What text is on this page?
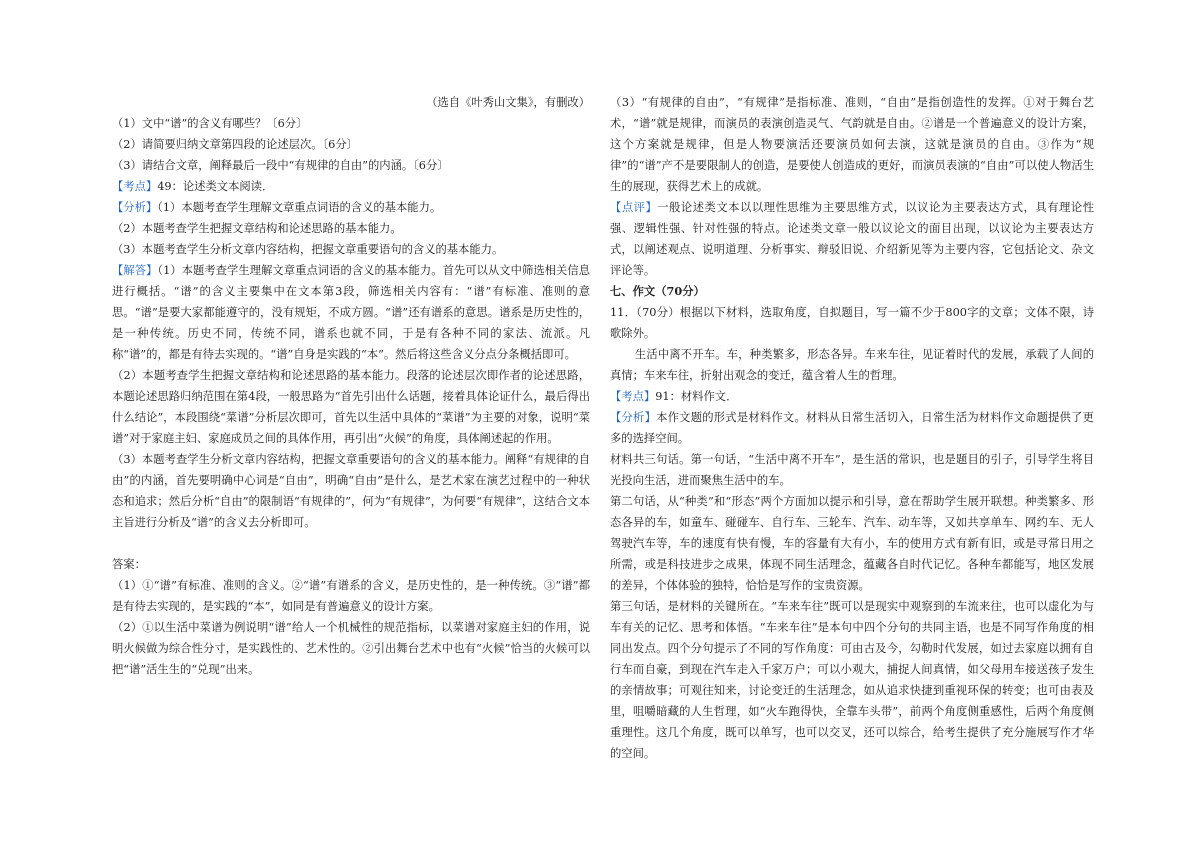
（选自《叶秀山文集》，有删改）

（1）文中“谱”的含义有哪些？〔6分〕

（2）请简要归纳文章第四段的论述层次。〔6分〕

（3）请结合文章，阐释最后一段中“有规律的自由”的内涵。〔6分〕

【考点】49：论述类文本阅读．

【分析】（1）本题考查学生理解文章重点词语的含义的基本能力。

（2）本题考查学生把握文章结构和论述思路的基本能力。

（3）本题考查学生分析文章内容结构，把握文章重要语句的含义的基本能力。

【解答】（1）本题考查学生理解文章重点词语的含义的基本能力。首先可以从文中筛选相关信息进行概括。“谱”的含义主要集中在文本第3段，筛选相关内容有：“谱”有标准、准则的意思。“谱”是要大家都能遵守的，没有规矩，不成方圆。“谱”还有谱系的意思。谱系是历史性的，是一种传统。历史不同，传统不同，谱系也就不同，于是有各种不同的家法、流派。凡称“谱”的，都是有待去实现的。“谱”自身是实践的“本”。然后将这些含义分点分条概括即可。

（2）本题考查学生把握文章结构和论述思路的基本能力。段落的论述层次即作者的论述思路，本题论述思路归纳范围在第4段，一般思路为“首先引出什么话题，接着具体论证什么，最后得出什么结论”，本段围绕“菜谱”分析层次即可，首先以生活中具体的“菜谱”为主要的对象，说明“菜谱”对于家庭主妇、家庭成员之间的具体作用，再引出“火候”的角度，具体阐述起的作用。

（3）本题考查学生分析文章内容结构，把握文章重要语句的含义的基本能力。阐释“有规律的自由”的内涵，首先要明确中心词是“自由”，明确“自由”是什么，是艺术家在演艺过程中的一种状态和追求；然后分析“自由”的限制语“有规律的”，何为“有规律”，为何要“有规律”，这结合文本主旨进行分析及“谱”的含义去分析即可。

答案：

（1）①“谱”有标准、准则的含义。②“谱”有谱系的含义，是历史性的，是一种传统。③“谱”都是有待去实现的，是实践的“本”，如同是有普遍意义的设计方案。

（2）①以生活中菜谱为例说明“谱”给人一个机械性的规范指标，以菜谱对家庭主妇的作用，说明火候做为综合性分寸，是实践性的、艺术性的。②引出舞台艺术中也有“火候”恰当的火候可以把“谱”活生生的“兑现”出来。

（3）“有规律的自由”，“有规律”是指标准、准则，“自由”是指创造性的发挥。①对于舞台艺术，“谱”就是规律，而演员的表演创造灵气、气韵就是自由。②谱是一个普遍意义的设计方案，这个方案就是规律，但是人物要演活还要演员如何去演，这就是演员的自由。③作为“规律”的“谱”产不是要限制人的创造，是要使人创造成的更好，而演员表演的“自由”可以使人物活生生的展现，获得艺术上的成就。

【点评】一般论述类文本以以理性思维为主要思维方式，以议论为主要表达方式，具有理论性强、逻辑性强、针对性强的特点。论述类文章一般以议论文的面目出现，以议论为主要表达方式，以阐述观点、说明道理、分析事实、辩驳旧说、介绍新见等为主要内容，它包括论文、杂文评论等。

七、作文（70分）

11．（70分）根据以下材料，选取角度，自拟题目，写一篇不少于800字的文章；文体不限，诗歌除外。

生活中离不开车。车，种类繁多，形态各异。车来车往，见证着时代的发展，承载了人间的真情；车来车往，折射出观念的变迁，蕴含着人生的哲理。

【考点】91：材料作文．

【分析】本作文题的形式是材料作文。材料从日常生活切入，日常生活为材料作文命题提供了更多的选择空间。

材料共三句话。第一句话，“生活中离不开车”，是生活的常识，也是题目的引子，引导学生将目光投向生活，进而聚焦生活中的车。

第二句话，从“种类”和“形态”两个方面加以提示和引导，意在帮助学生展开联想。种类繁多、形态各异的车，如童车、碰碰车、自行车、三轮车、汽车、动车等，又如共享单车、网约车、无人驾驶汽车等，车的速度有快有慢，车的容量有大有小，车的使用方式有新有旧，或是寻常日用之所需，或是科技进步之成果，体现不同生活理念，蕴藏各自时代记忆。各种车都能写，地区发展的差异，个体体验的独特，恰恰是写作的宝贵资源。

第三句话，是材料的关键所在。“车来车往”既可以是现实中观察到的车流来往，也可以虚化为与车有关的记忆、思考和体悟。“车来车往”是本句中四个分句的共同主语，也是不同写作角度的相同出发点。四个分句提示了不同的写作角度：可由古及今，勾勒时代发展，如过去家庭以拥有自行车而自豪，到现在汽车走入千家万户；可以小观大，捕捉人间真情，如父母用车接送孩子发生的亲情故事；可观往知来，讨论变迁的生活理念，如从追求快捷到重视环保的转变；也可由表及里，咀嚼暗藏的人生哲理，如“火车跑得快，全靠车头带”，前两个角度侧重感性，后两个角度侧重理性。这几个角度，既可以单写，也可以交叉，还可以综合，给考生提供了充分施展写作才华的空间。
